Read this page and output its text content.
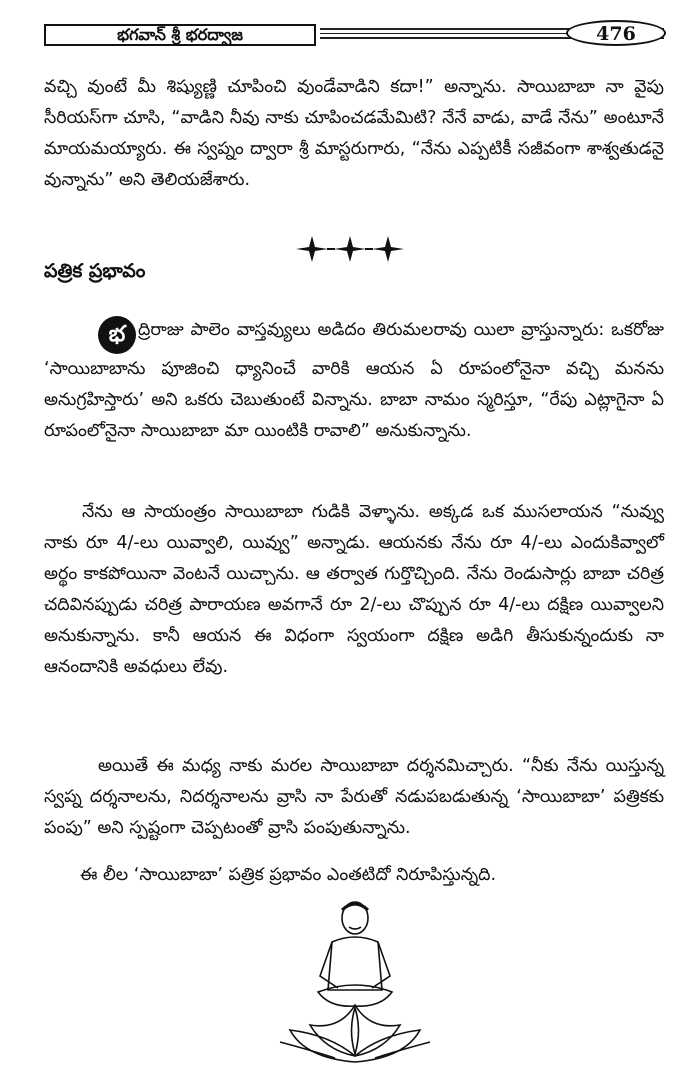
భగవాన్ శ్రీ భరద్వాజ	476
వచ్చి వుంటే మీ శిష్యుణ్ణి చూపించి వుండేవాడిని కదా!” అన్నాను. సాయిబాబా నా వైపు సీరియస్‌గా చూసి, “వాడిని నీవు నాకు చూపించడమేమిటి? నేనే వాడు, వాడే నేను” అంటూనే మాయమయ్యారు. ఈ స్వప్నం ద్వారా శ్రీ మాస్టరుగారు, “నేను ఎప్పటికీ సజీవంగా శాశ్వతుడనై వున్నాను” అని తెలియజేశారు.
పత్రిక ప్రభావం
భ ద్రిరాజు పాలెం వాస్తవ్యులు అడిదం తిరుమలరావు యిలా వ్రాస్తున్నారు: ఒకరోజు ‘సాయిబాబాను పూజించి ధ్యానించే వారికి ఆయన ఏ రూపంలోనైనా వచ్చి మనను అనుగ్రహిస్తారు’ అని ఒకరు చెబుతుంటే విన్నాను. బాబా నామం స్మరిస్తూ, “రేపు ఎట్లాగైనా ఏ రూపంలోనైనా సాయిబాబా మా యింటికి రావాలి” అనుకున్నాను.
నేను ఆ సాయంత్రం సాయిబాబా గుడికి వెళ్ళాను. అక్కడ ఒక ముసలాయన “నువ్వు నాకు రూ 4/-లు యివ్వాలి, యివ్వు” అన్నాడు. ఆయనకు నేను రూ 4/-లు ఎందుకివ్వాలో అర్థం కాకపోయినా వెంటనే యిచ్చాను. ఆ తర్వాత గుర్తొచ్చింది. నేను రెండుసార్లు బాబా చరిత్ర చదివినప్పుడు చరిత్ర పారాయణ అవగానే రూ 2/-లు చొప్పున రూ 4/-లు దక్షిణ యివ్వాలని అనుకున్నాను. కానీ ఆయన ఈ విధంగా స్వయంగా దక్షిణ అడిగి తీసుకున్నందుకు నా ఆనందానికి అవధులు లేవు.
అయితే ఈ మధ్య నాకు మరల సాయిబాబా దర్శనమిచ్చారు. “నీకు నేను యిస్తున్న స్వప్న దర్శనాలను, నిదర్శనాలను వ్రాసి నా పేరుతో నడుపబడుతున్న ‘సాయిబాబా’ పత్రికకు పంపు” అని స్పష్టంగా చెప్పటంతో వ్రాసి పంపుతున్నాను.
ఈ లీల ‘సాయిబాబా’ పత్రిక ప్రభావం ఎంతటిదో నిరూపిస్తున్నది.
